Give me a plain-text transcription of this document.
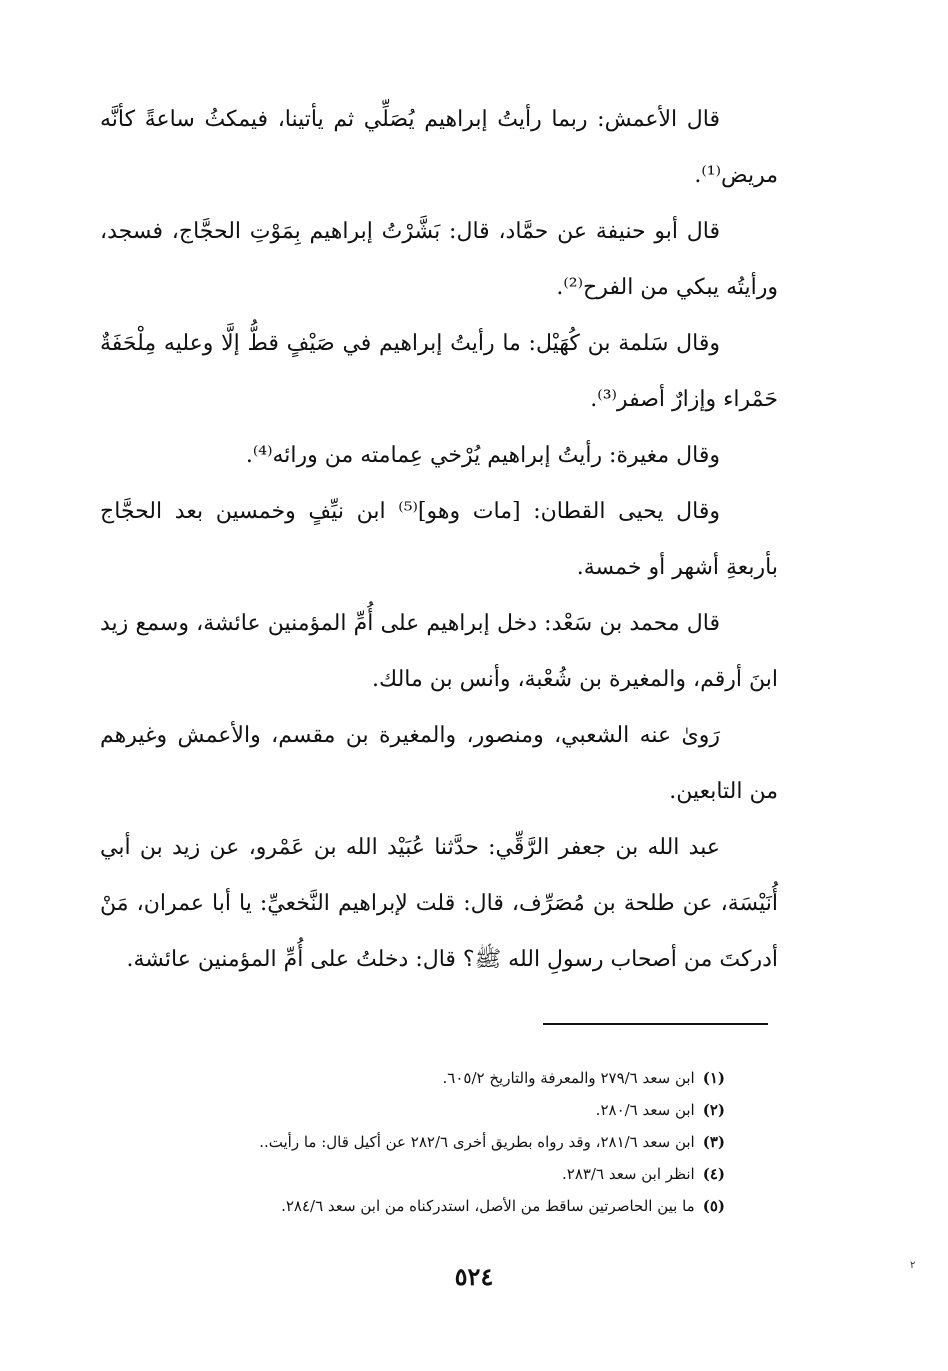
قال الأعمش: ربما رأيتُ إبراهيم يُصَلِّي ثم يأتينا، فيمكثُ ساعةً كأنَّه مريض⁽¹⁾.

قال أبو حنيفة عن حمَّاد، قال: بَشَّرْتُ إبراهيم بِمَوْتِ الحجَّاج، فسجد، ورأيتُه يبكي من الفرح⁽²⁾.

وقال سَلمة بن كُهَيْل: ما رأيتُ إبراهيم في صَيْفٍ قطُّ إلَّا وعليه مِلْحَفَةٌ حَمْراء وإزارٌ أصفر⁽³⁾.

وقال مغيرة: رأيتُ إبراهيم يُرْخي عِمامته من ورائه⁽⁴⁾.

وقال يحيى القطان: [مات وهو]⁽⁵⁾ ابن نيِّفٍ وخمسين بعد الحجَّاج بأربعةِ أشهر أو خمسة.

قال محمد بن سَعْد: دخل إبراهيم على أُمِّ المؤمنين عائشة، وسمع زيد ابنَ أرقم، والمغيرة بن شُعْبة، وأنس بن مالك.

رَوىٰ عنه الشعبي، ومنصور، والمغيرة بن مقسم، والأعمش وغيرهم من التابعين.

عبد الله بن جعفر الرَّقِّي: حدَّثنا عُبَيْد الله بن عَمْرو، عن زيد بن أبي أُنَيْسَة، عن طلحة بن مُصَرِّف، قال: قلت لإبراهيم النَّخعيِّ: يا أبا عمران، مَنْ أدركتَ من أصحاب رسولِ الله ﷺ؟ قال: دخلتُ على أُمِّ المؤمنين عائشة.

(١)ابن سعد ٢٧٩/٦ والمعرفة والتاريخ ٦٠٥/٢.

(٢)ابن سعد ٢٨٠/٦.

(٣)ابن سعد ٢٨١/٦، وقد رواه بطريق أخرى ٢٨٢/٦ عن أكيل قال: ما رأيت..

(٤)انظر ابن سعد ٢٨٣/٦.

(٥)ما بين الحاصرتين ساقط من الأصل، استدركناه من ابن سعد ٢٨٤/٦.

٥٢٤	٢
